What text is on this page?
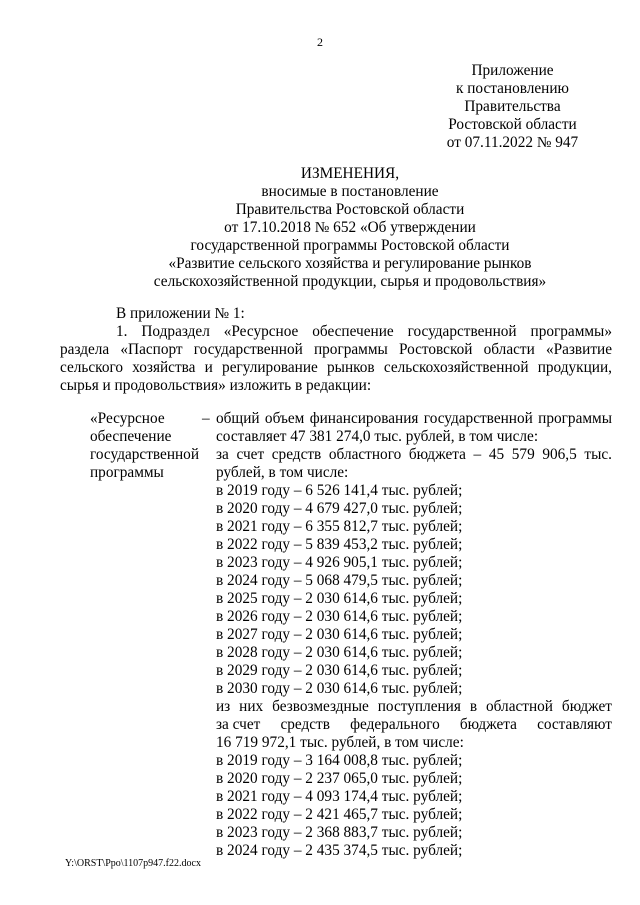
2
Приложение
к постановлению
Правительства
Ростовской области
от 07.11.2022 № 947
ИЗМЕНЕНИЯ,
вносимые в постановление
Правительства Ростовской области
от 17.10.2018 № 652 «Об утверждении
государственной программы Ростовской области
«Развитие сельского хозяйства и регулирование рынков
сельскохозяйственной продукции, сырья и продовольствия»
В приложении № 1:
1. Подраздел «Ресурсное обеспечение государственной программы»
раздела «Паспорт государственной программы Ростовской области «Развитие
сельского хозяйства и регулирование рынков сельскохозяйственной продукции,
сырья и продовольствия» изложить в редакции:
«Ресурсное
обеспечение
государственной
программы
– общий объем финансирования государственной программы
составляет 47 381 274,0 тыс. рублей, в том числе:
за счет средств областного бюджета – 45 579 906,5 тыс.
рублей, в том числе:
в 2019 году – 6 526 141,4 тыс. рублей;
в 2020 году – 4 679 427,0 тыс. рублей;
в 2021 году – 6 355 812,7 тыс. рублей;
в 2022 году – 5 839 453,2 тыс. рублей;
в 2023 году – 4 926 905,1 тыс. рублей;
в 2024 году – 5 068 479,5 тыс. рублей;
в 2025 году – 2 030 614,6 тыс. рублей;
в 2026 году – 2 030 614,6 тыс. рублей;
в 2027 году – 2 030 614,6 тыс. рублей;
в 2028 году – 2 030 614,6 тыс. рублей;
в 2029 году – 2 030 614,6 тыс. рублей;
в 2030 году – 2 030 614,6 тыс. рублей;
из них безвозмездные поступления в областной бюджет
за счет средств федерального бюджета составляют
16 719 972,1 тыс. рублей, в том числе:
в 2019 году – 3 164 008,8 тыс. рублей;
в 2020 году – 2 237 065,0 тыс. рублей;
в 2021 году – 4 093 174,4 тыс. рублей;
в 2022 году – 2 421 465,7 тыс. рублей;
в 2023 году – 2 368 883,7 тыс. рублей;
в 2024 году – 2 435 374,5 тыс. рублей;
Y:\ORST\Ppo\1107p947.f22.docx
